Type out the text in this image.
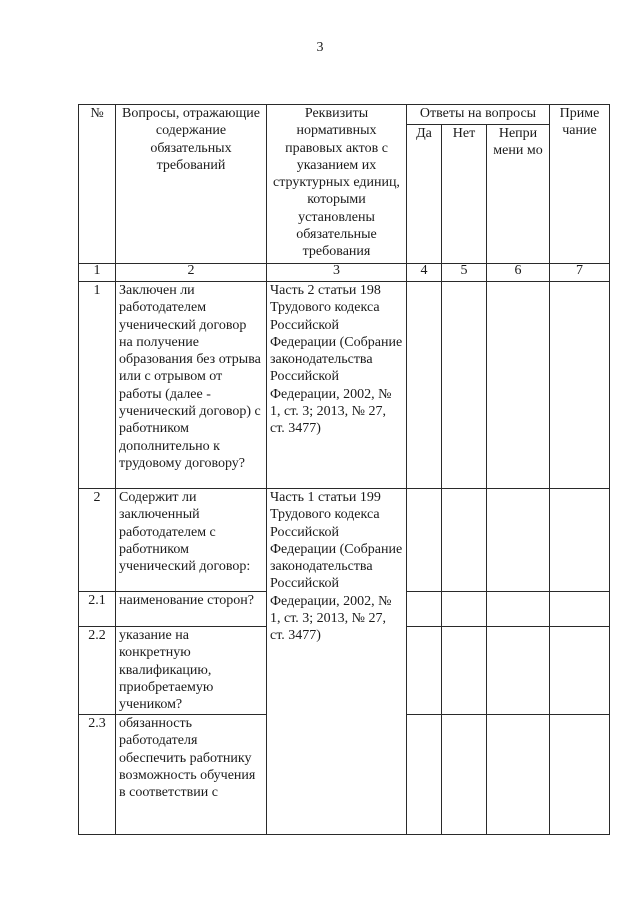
3
№	Вопросы, отражающие содержание обязательных требований	Реквизиты нормативных правовых актов с указанием их структурных единиц, которыми установлены обязательные требования	Ответы на вопросы			Приме чание
			Да	Нет	Непри мени мо	
1	2	3	4	5	6	7
1	Заключен ли работодателем ученический договор на получение образования без отрыва или с отрывом от работы (далее - ученический договор) с работником дополнительно к трудовому договору?	Часть 2 статьи 198 Трудового кодекса Российской Федерации (Собрание законодательства Российской Федерации, 2002, № 1, ст. 3; 2013, № 27, ст. 3477)				
2	Содержит ли заключенный работодателем с работником ученический договор:	Часть 1 статьи 199 Трудового кодекса Российской Федерации (Собрание законодательства Российской Федерации, 2002, № 1, ст. 3; 2013, № 27, ст. 3477)				
2.1	наименование сторон?					
2.2	указание на конкретную квалификацию, приобретаемую учеником?					
2.3	обязанность работодателя обеспечить работнику возможность обучения в соответствии с					
